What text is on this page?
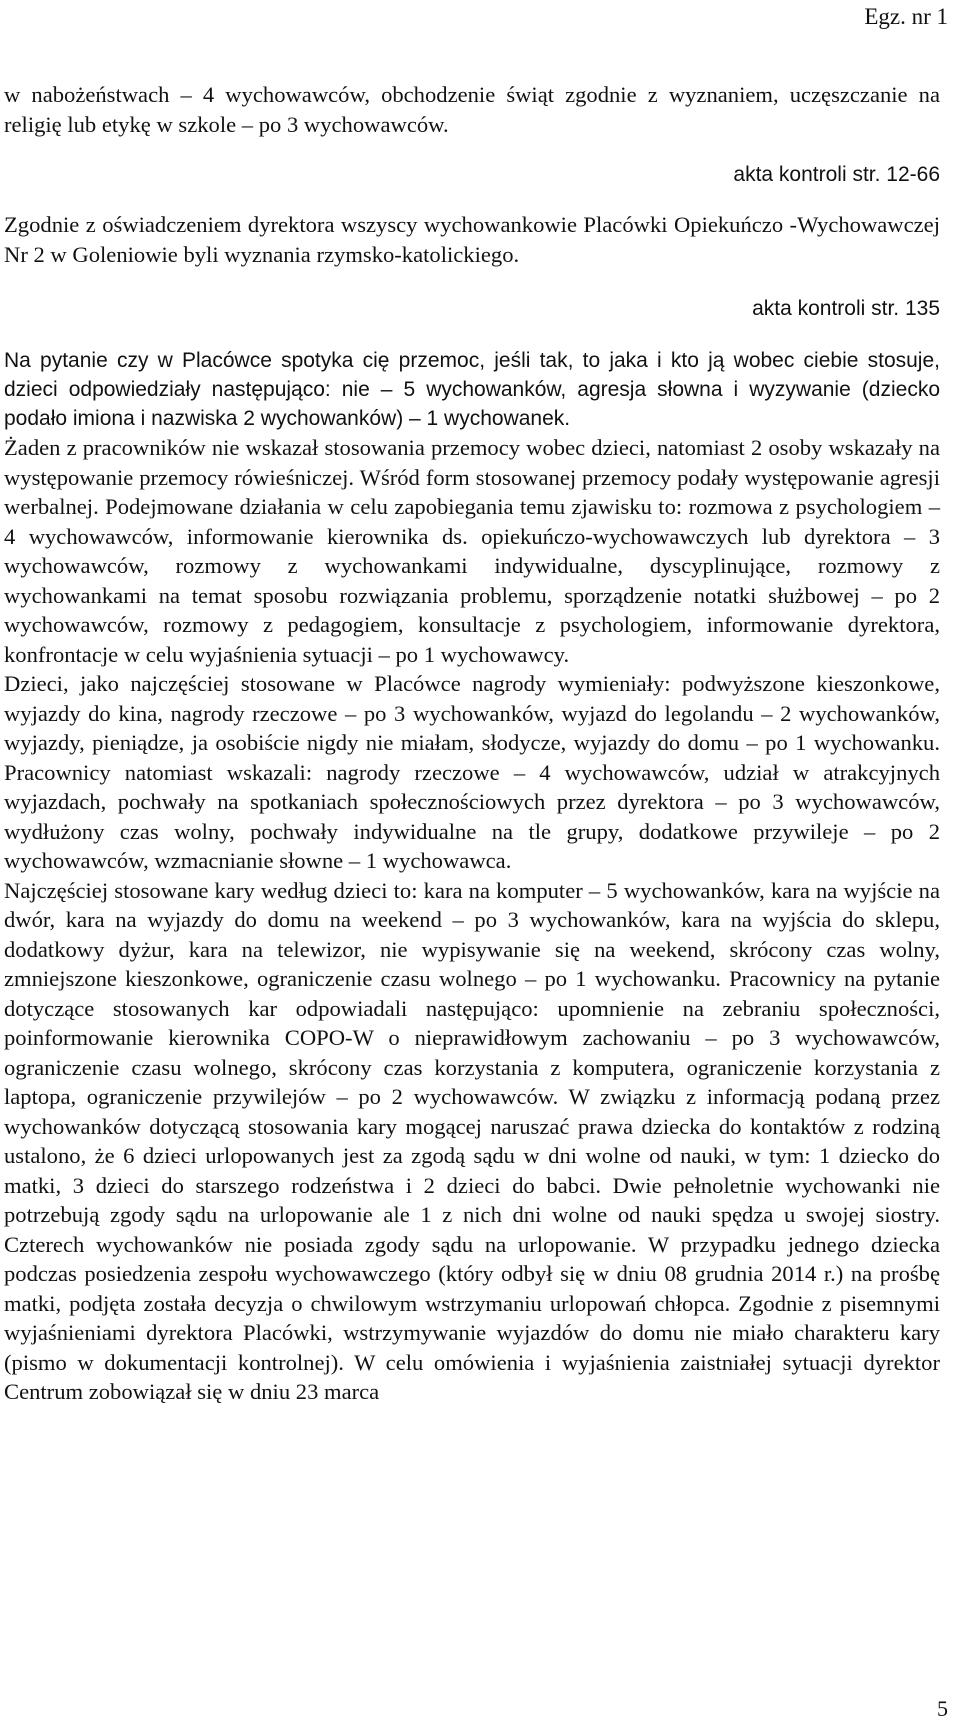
Egz. nr 1

w nabożeństwach – 4 wychowawców, obchodzenie świąt zgodnie z wyznaniem, uczęszczanie na religię lub etykę w szkole – po 3 wychowawców.

akta kontroli str. 12-66

Zgodnie z oświadczeniem dyrektora wszyscy wychowankowie Placówki Opiekuńczo -Wychowawczej Nr 2 w Goleniowie byli wyznania rzymsko-katolickiego.

akta kontroli str. 135

Na pytanie czy w Placówce spotyka cię przemoc, jeśli tak, to jaka i kto ją wobec ciebie stosuje, dzieci odpowiedziały następująco: nie – 5 wychowanków, agresja słowna i wyzywanie (dziecko podało imiona i nazwiska 2 wychowanków) – 1 wychowanek.

Żaden z pracowników nie wskazał stosowania przemocy wobec dzieci, natomiast 2 osoby wskazały na występowanie przemocy rówieśniczej. Wśród form stosowanej przemocy podały występowanie agresji werbalnej. Podejmowane działania w celu zapobiegania temu zjawisku to: rozmowa z psychologiem – 4 wychowawców, informowanie kierownika ds. opiekuńczo-wychowawczych lub dyrektora – 3 wychowawców, rozmowy z wychowankami indywidualne, dyscyplinujące, rozmowy z wychowankami na temat sposobu rozwiązania problemu, sporządzenie notatki służbowej – po 2 wychowawców, rozmowy z pedagogiem, konsultacje z psychologiem, informowanie dyrektora, konfrontacje w celu wyjaśnienia sytuacji – po 1 wychowawcy.

Dzieci, jako najczęściej stosowane w Placówce nagrody wymieniały: podwyższone kieszonkowe, wyjazdy do kina, nagrody rzeczowe – po 3 wychowanków, wyjazd do legolandu – 2 wychowanków, wyjazdy, pieniądze, ja osobiście nigdy nie miałam, słodycze, wyjazdy do domu – po 1 wychowanku. Pracownicy natomiast wskazali: nagrody rzeczowe – 4 wychowawców, udział w atrakcyjnych wyjazdach, pochwały na spotkaniach społecznościowych przez dyrektora – po 3 wychowawców, wydłużony czas wolny, pochwały indywidualne na tle grupy, dodatkowe przywileje – po 2 wychowawców, wzmacnianie słowne – 1 wychowawca.

Najczęściej stosowane kary według dzieci to: kara na komputer – 5 wychowanków, kara na wyjście na dwór, kara na wyjazdy do domu na weekend – po 3 wychowanków, kara na wyjścia do sklepu, dodatkowy dyżur, kara na telewizor, nie wypisywanie się na weekend, skrócony czas wolny, zmniejszone kieszonkowe, ograniczenie czasu wolnego – po 1 wychowanku. Pracownicy na pytanie dotyczące stosowanych kar odpowiadali następująco: upomnienie na zebraniu społeczności, poinformowanie kierownika COPO-W o nieprawidłowym zachowaniu – po 3 wychowawców, ograniczenie czasu wolnego, skrócony czas korzystania z komputera, ograniczenie korzystania z laptopa, ograniczenie przywilejów – po 2 wychowawców. W związku z informacją podaną przez wychowanków dotyczącą stosowania kary mogącej naruszać prawa dziecka do kontaktów z rodziną ustalono, że 6 dzieci urlopowanych jest za zgodą sądu w dni wolne od nauki, w tym: 1 dziecko do matki, 3 dzieci do starszego rodzeństwa i 2 dzieci do babci. Dwie pełnoletnie wychowanki nie potrzebują zgody sądu na urlopowanie ale 1 z nich dni wolne od nauki spędza u swojej siostry. Czterech wychowanków nie posiada zgody sądu na urlopowanie. W przypadku jednego dziecka podczas posiedzenia zespołu wychowawczego (który odbył się w dniu 08 grudnia 2014 r.) na prośbę matki, podjęta została decyzja o chwilowym wstrzymaniu urlopowań chłopca. Zgodnie z pisemnymi wyjaśnieniami dyrektora Placówki, wstrzymywanie wyjazdów do domu nie miało charakteru kary (pismo w dokumentacji kontrolnej). W celu omówienia i wyjaśnienia zaistniałej sytuacji dyrektor Centrum zobowiązał się w dniu 23 marca

5
